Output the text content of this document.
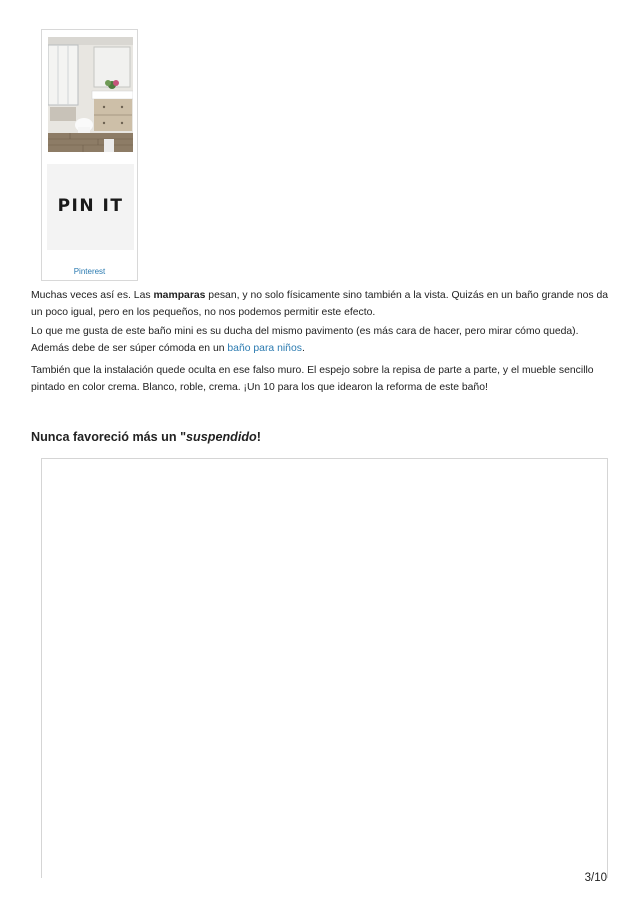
PIN IT
Pinterest

Muchas veces así es. Las mamparas pesan, y no solo físicamente sino también a la vista. Quizás en un baño grande nos da un poco igual, pero en los pequeños, no nos podemos permitir este efecto.

Lo que me gusta de este baño mini es su ducha del mismo pavimento (es más cara de hacer, pero mirar cómo queda). Además debe de ser súper cómoda en un baño para niños.

También que la instalación quede oculta en ese falso muro. El espejo sobre la repisa de parte a parte, y el mueble sencillo pintado en color crema. Blanco, roble, crema. ¡Un 10 para los que idearon la reforma de este baño!

Nunca favoreció más un "suspendido!
3/10
